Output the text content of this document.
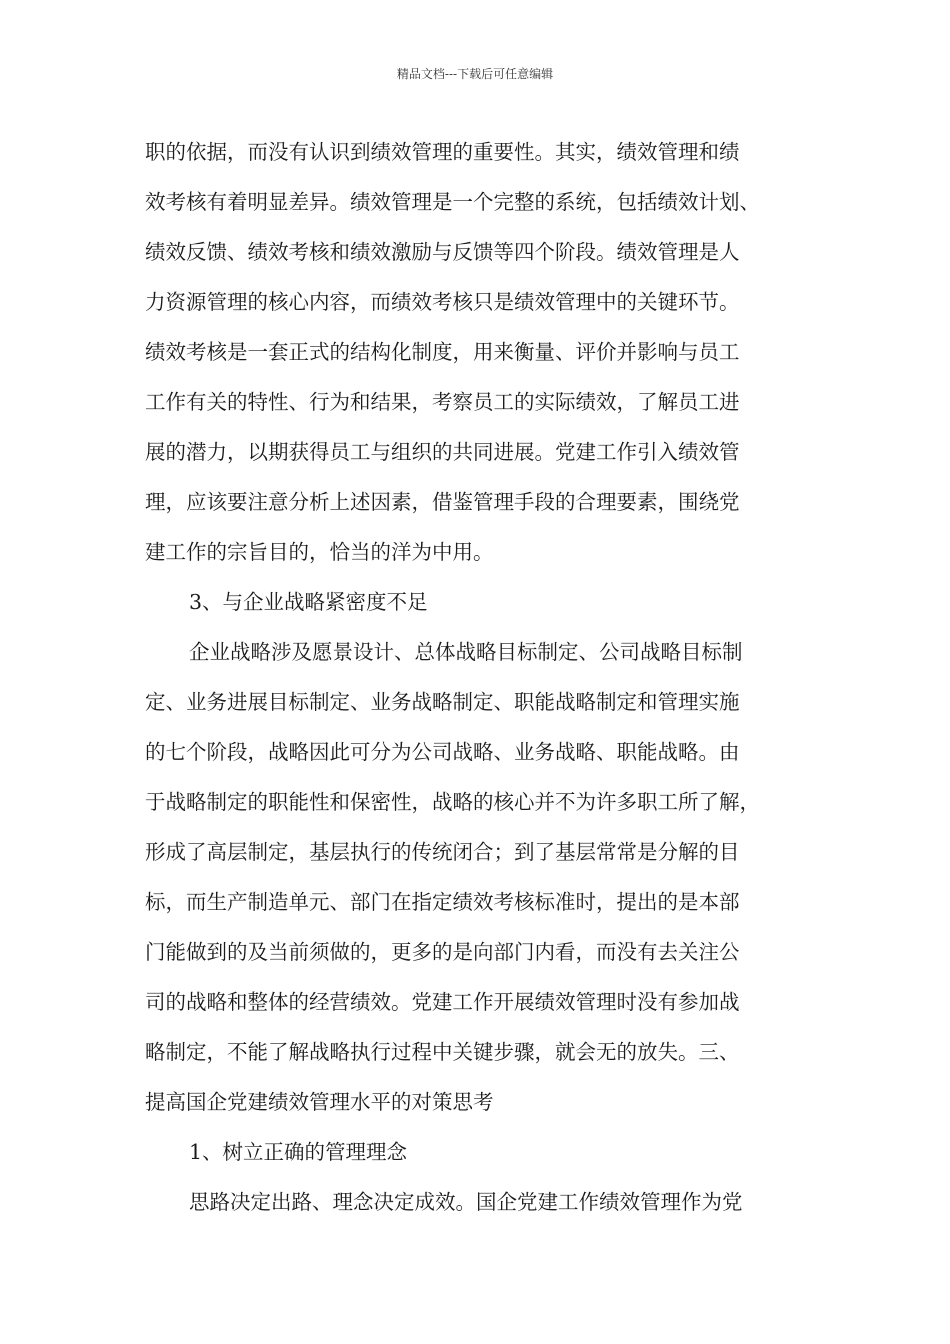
精品文档---下载后可任意编辑
职的依据，而没有认识到绩效管理的重要性。其实，绩效管理和绩
效考核有着明显差异。绩效管理是一个完整的系统，包括绩效计划、
绩效反馈、绩效考核和绩效激励与反馈等四个阶段。绩效管理是人
力资源管理的核心内容，而绩效考核只是绩效管理中的关键环节。
绩效考核是一套正式的结构化制度，用来衡量、评价并影响与员工
工作有关的特性、行为和结果，考察员工的实际绩效，了解员工进
展的潜力，以期获得员工与组织的共同进展。党建工作引入绩效管
理，应该要注意分析上述因素，借鉴管理手段的合理要素，围绕党
建工作的宗旨目的，恰当的洋为中用。
3、与企业战略紧密度不足
企业战略涉及愿景设计、总体战略目标制定、公司战略目标制
定、业务进展目标制定、业务战略制定、职能战略制定和管理实施
的七个阶段，战略因此可分为公司战略、业务战略、职能战略。由
于战略制定的职能性和保密性，战略的核心并不为许多职工所了解，
形成了高层制定，基层执行的传统闭合；到了基层常常是分解的目
标，而生产制造单元、部门在指定绩效考核标准时，提出的是本部
门能做到的及当前须做的，更多的是向部门内看，而没有去关注公
司的战略和整体的经营绩效。党建工作开展绩效管理时没有参加战
略制定，不能了解战略执行过程中关键步骤，就会无的放失。三、
提高国企党建绩效管理水平的对策思考
1、树立正确的管理理念
思路决定出路、理念决定成效。国企党建工作绩效管理作为党
